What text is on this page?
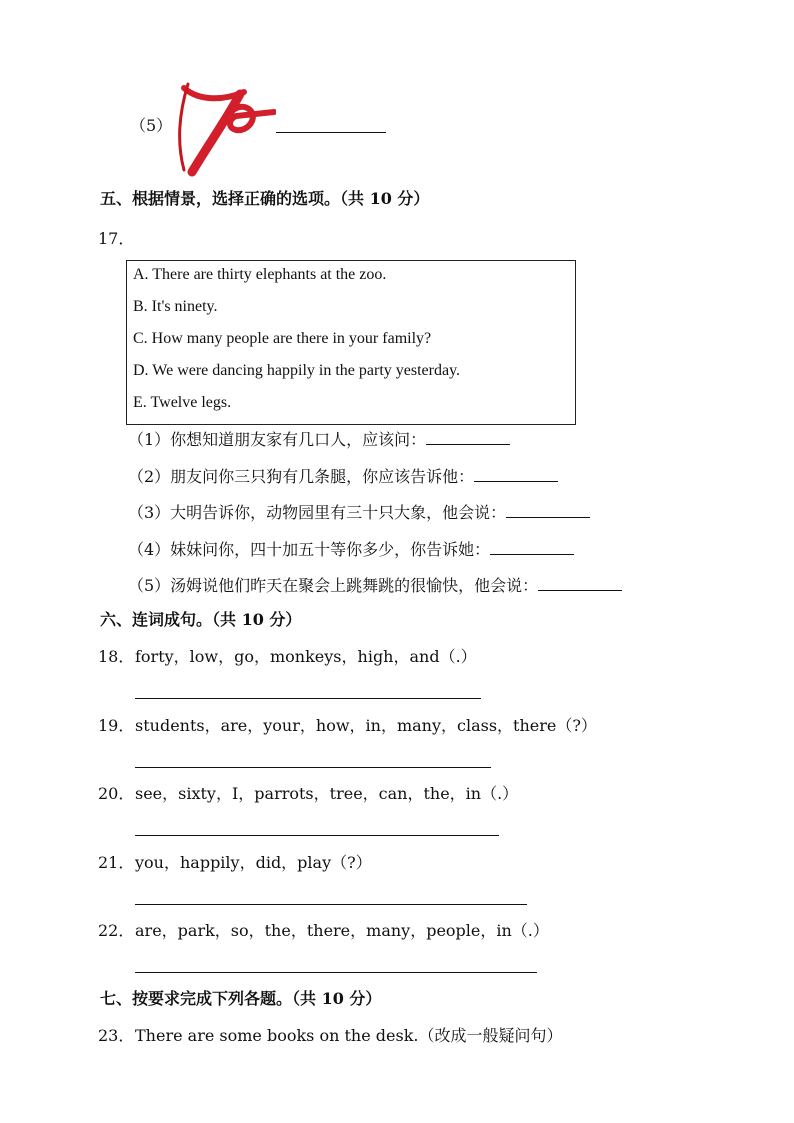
（5）
五、根据情景，选择正确的选项。（共 10 分）
17．
A. There are thirty elephants at the zoo.
B. It's ninety.
C. How many people are there in your family?
D. We were dancing happily in the party yesterday.
E. Twelve legs.
（1）你想知道朋友家有几口人，应该问：
（2）朋友问你三只狗有几条腿，你应该告诉他：
（3）大明告诉你，动物园里有三十只大象，他会说：
（4）妹妹问你，四十加五十等你多少，你告诉她：
（5）汤姆说他们昨天在聚会上跳舞跳的很愉快，他会说：
六、连词成句。（共 10 分）
18． forty，low，go，monkeys，high，and（.）
19． students，are，your，how，in，many，class，there（?）
20． see，sixty，I，parrots，tree，can，the，in（.）
21． you，happily，did，play（?）
22． are，park，so，the，there，many，people，in（.）
七、按要求完成下列各题。（共 10 分）
23． There are some books on the desk.（改成一般疑问句）
